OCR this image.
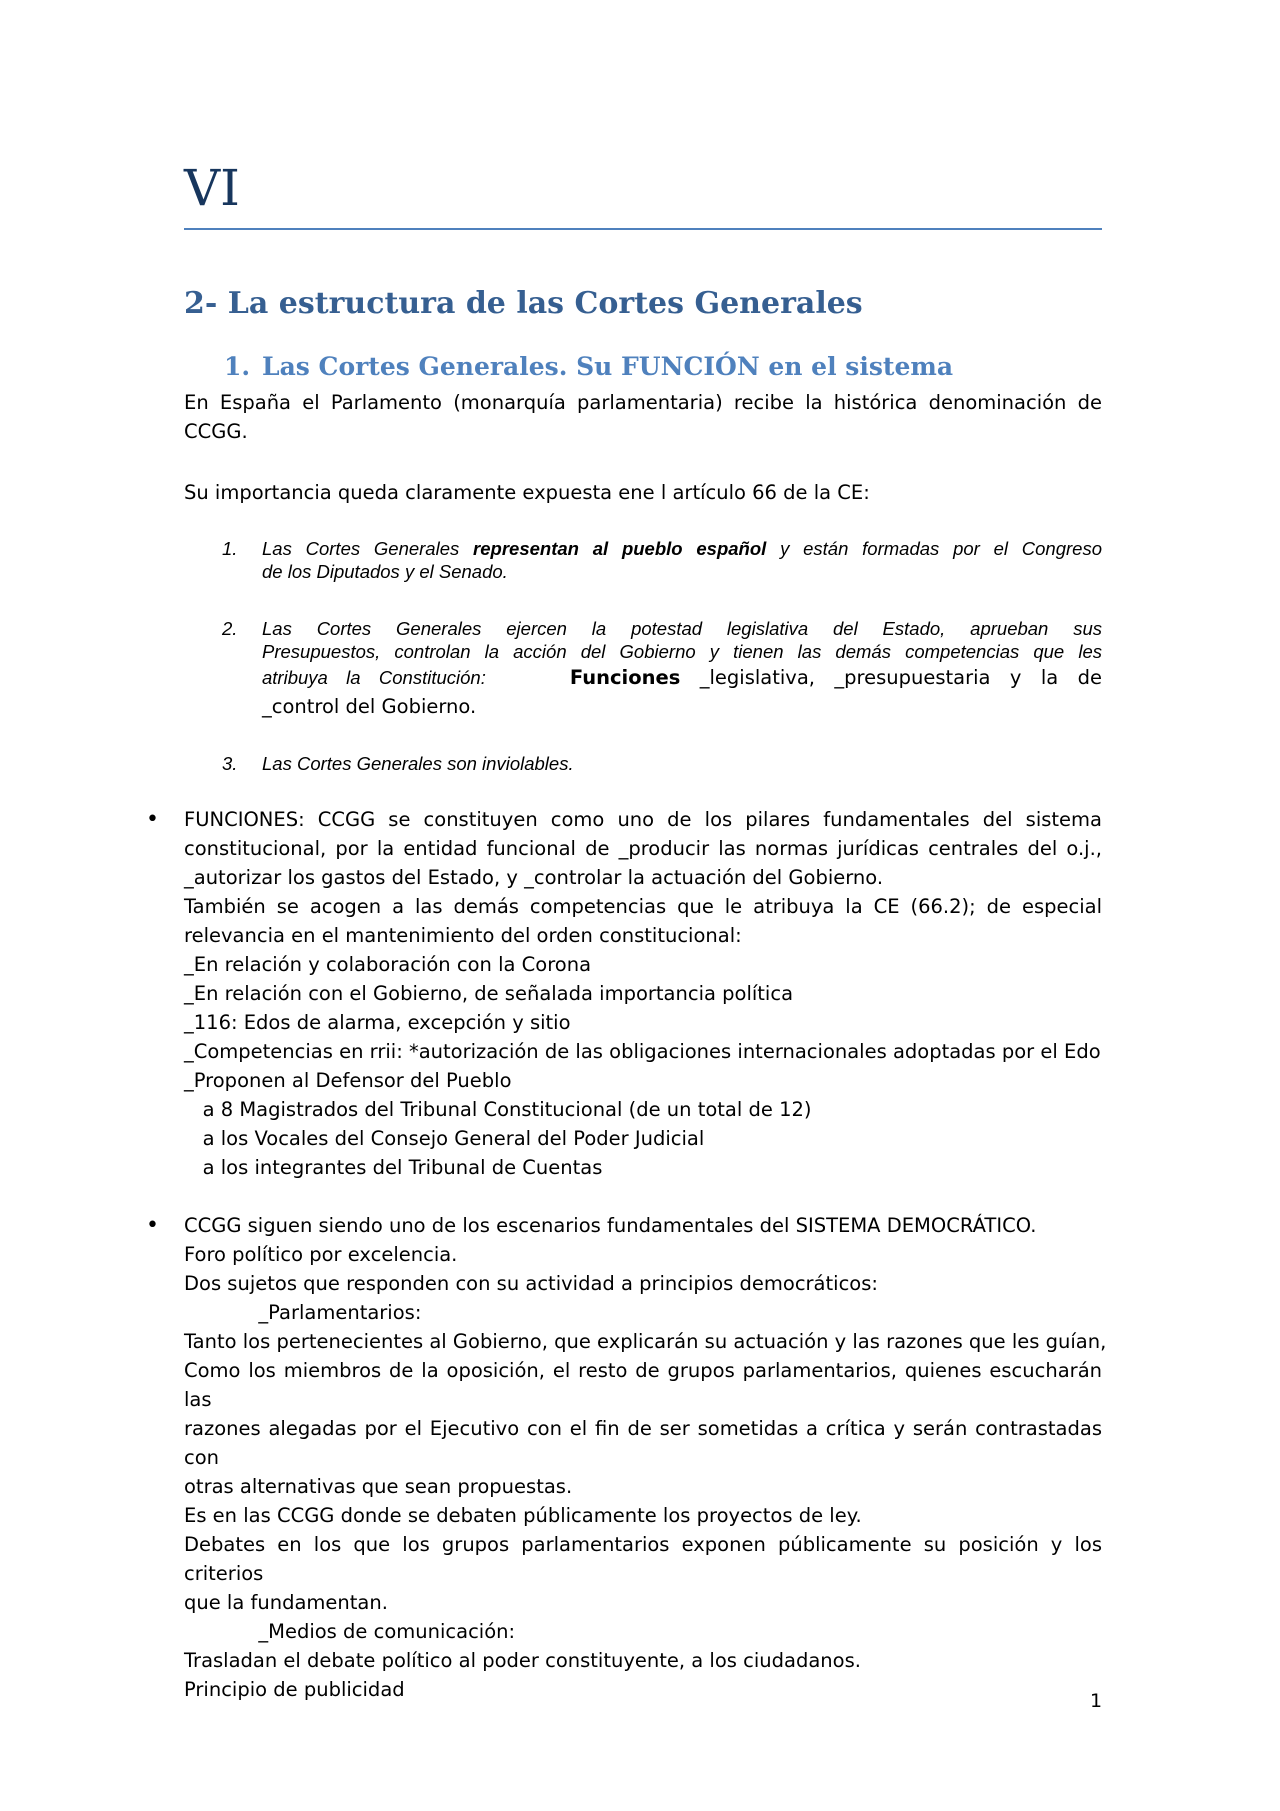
VI
2- La estructura de las Cortes Generales
1. Las Cortes Generales. Su FUNCIÓN en el sistema
En España el Parlamento (monarquía parlamentaria) recibe la histórica denominación de
CCGG.
Su importancia queda claramente expuesta ene l artículo 66 de la CE:
1. Las Cortes Generales representan al pueblo español y están formadas por el Congreso
de los Diputados y el Senado.
2. Las Cortes Generales ejercen la potestad legislativa del Estado, aprueban sus
Presupuestos, controlan la acción del Gobierno y tienen las demás competencias que les
atribuya la Constitución:	Funciones _legislativa, _presupuestaria y la de
_control del Gobierno.
3. Las Cortes Generales son inviolables.
• FUNCIONES: CCGG se constituyen como uno de los pilares fundamentales del sistema
constitucional, por la entidad funcional de _producir las normas jurídicas centrales del o.j.,
_autorizar los gastos del Estado, y _controlar la actuación del Gobierno.
También se acogen a las demás competencias que le atribuya la CE (66.2); de especial
relevancia en el mantenimiento del orden constitucional:
_En relación y colaboración con la Corona
_En relación con el Gobierno, de señalada importancia política
_116: Edos de alarma, excepción y sitio
_Competencias en rrii: *autorización de las obligaciones internacionales adoptadas por el Edo
_Proponen al Defensor del Pueblo
a 8 Magistrados del Tribunal Constitucional (de un total de 12)
a los Vocales del Consejo General del Poder Judicial
a los integrantes del Tribunal de Cuentas
• CCGG siguen siendo uno de los escenarios fundamentales del SISTEMA DEMOCRÁTICO.
Foro político por excelencia.
Dos sujetos que responden con su actividad a principios democráticos:
_Parlamentarios:
Tanto los pertenecientes al Gobierno, que explicarán su actuación y las razones que les guían,
Como los miembros de la oposición, el resto de grupos parlamentarios, quienes escucharán las
razones alegadas por el Ejecutivo con el fin de ser sometidas a crítica y serán contrastadas con
otras alternativas que sean propuestas.
Es en las CCGG donde se debaten públicamente los proyectos de ley.
Debates en los que los grupos parlamentarios exponen públicamente su posición y los criterios
que la fundamentan.
_Medios de comunicación:
Trasladan el debate político al poder constituyente, a los ciudadanos.
Principio de publicidad	1
